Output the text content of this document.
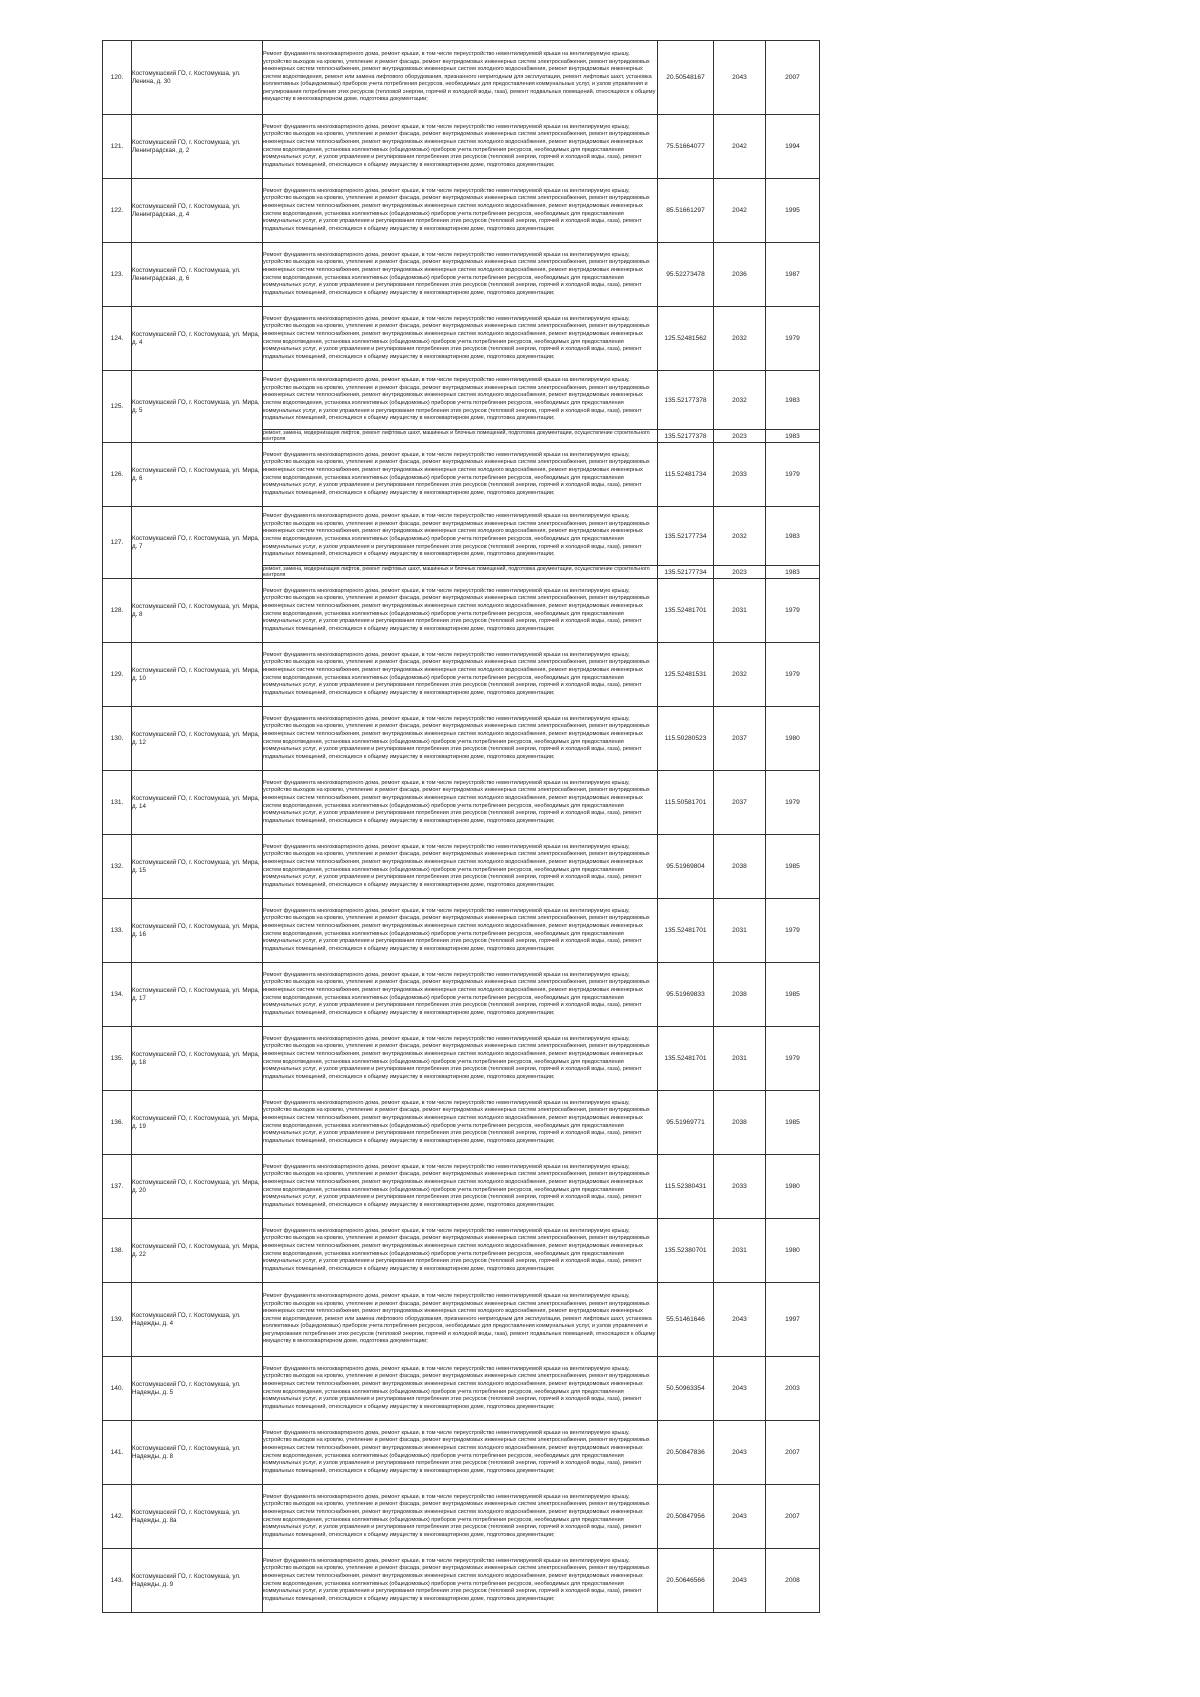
120.	Костомукшский ГО, г. Костомукша, ул. Ленина, д. 30	Ремонт фундамента многоквартирного дома, ремонт крыши, в том числе переустройство невентилируемой крыши на вентилируемую крышу, устройство выходов на кровлю, утепление и ремонт фасада, ремонт внутридомовых инженерных систем электроснабжения, ремонт внутридомовых инженерных систем теплоснабжения, ремонт внутридомовых инженерных систем холодного водоснабжения, ремонт внутридомовых инженерных систем водоотведения, ремонт или замена лифтового оборудования, признанного непригодным для эксплуатации, ремонт лифтовых шахт, установка коллективных (общедомовых) приборов учета потребления ресурсов, необходимых для предоставления коммунальных услуг, и узлов управления и регулирования потребления этих ресурсов (тепловой энергии, горячей и холодной воды, газа), ремонт подвальных помещений, относящихся к общему имуществу в многоквартирном доме, подготовка документации;	20.50548167	2043	2007
121.	Костомукшский ГО, г. Костомукша, ул. Ленинградская, д. 2	Ремонт фундамента многоквартирного дома, ремонт крыши, в том числе переустройство невентилируемой крыши на вентилируемую крышу, устройство выходов на кровлю, утепление и ремонт фасада, ремонт внутридомовых инженерных систем электроснабжения, ремонт внутридомовых инженерных систем теплоснабжения, ремонт внутридомовых инженерных систем холодного водоснабжения, ремонт внутридомовых инженерных систем водоотведения, установка коллективных (общедомовых) приборов учета потребления ресурсов, необходимых для предоставления коммунальных услуг, и узлов управления и регулирования потребления этих ресурсов (тепловой энергии, горячей и холодной воды, газа), ремонт подвальных помещений, относящихся к общему имуществу в многоквартирном доме, подготовка документации;	75.51664077	2042	1994
122.	Костомукшский ГО, г. Костомукша, ул. Ленинградская, д. 4	Ремонт фундамента многоквартирного дома, ремонт крыши, в том числе переустройство невентилируемой крыши на вентилируемую крышу, устройство выходов на кровлю, утепление и ремонт фасада, ремонт внутридомовых инженерных систем электроснабжения, ремонт внутридомовых инженерных систем теплоснабжения, ремонт внутридомовых инженерных систем холодного водоснабжения, ремонт внутридомовых инженерных систем водоотведения, установка коллективных (общедомовых) приборов учета потребления ресурсов, необходимых для предоставления коммунальных услуг, и узлов управления и регулирования потребления этих ресурсов (тепловой энергии, горячей и холодной воды, газа), ремонт подвальных помещений, относящихся к общему имуществу в многоквартирном доме, подготовка документации;	85.51661297	2042	1995
123.	Костомукшский ГО, г. Костомукша, ул. Ленинградская, д. 6	Ремонт фундамента многоквартирного дома, ремонт крыши, в том числе переустройство невентилируемой крыши на вентилируемую крышу, устройство выходов на кровлю, утепление и ремонт фасада, ремонт внутридомовых инженерных систем электроснабжения, ремонт внутридомовых инженерных систем теплоснабжения, ремонт внутридомовых инженерных систем холодного водоснабжения, ремонт внутридомовых инженерных систем водоотведения, установка коллективных (общедомовых) приборов учета потребления ресурсов, необходимых для предоставления коммунальных услуг, и узлов управления и регулирования потребления этих ресурсов (тепловой энергии, горячей и холодной воды, газа), ремонт подвальных помещений, относящихся к общему имуществу в многоквартирном доме, подготовка документации;	95.52273478	2036	1987
124.	Костомукшский ГО, г. Костомукша, ул. Мира, д. 4	Ремонт фундамента многоквартирного дома, ремонт крыши, в том числе переустройство невентилируемой крыши на вентилируемую крышу, устройство выходов на кровлю, утепление и ремонт фасада, ремонт внутридомовых инженерных систем электроснабжения, ремонт внутридомовых инженерных систем теплоснабжения, ремонт внутридомовых инженерных систем холодного водоснабжения, ремонт внутридомовых инженерных систем водоотведения, установка коллективных (общедомовых) приборов учета потребления ресурсов, необходимых для предоставления коммунальных услуг, и узлов управления и регулирования потребления этих ресурсов (тепловой энергии, горячей и холодной воды, газа), ремонт подвальных помещений, относящихся к общему имуществу в многоквартирном доме, подготовка документации;	125.52481562	2032	1979
125.	Костомукшский ГО, г. Костомукша, ул. Мира, д. 5	Ремонт фундамента многоквартирного дома, ремонт крыши, в том числе переустройство невентилируемой крыши на вентилируемую крышу, устройство выходов на кровлю, утепление и ремонт фасада, ремонт внутридомовых инженерных систем электроснабжения, ремонт внутридомовых инженерных систем теплоснабжения, ремонт внутридомовых инженерных систем холодного водоснабжения, ремонт внутридомовых инженерных систем водоотведения, установка коллективных (общедомовых) приборов учета потребления ресурсов, необходимых для предоставления коммунальных услуг, и узлов управления и регулирования потребления этих ресурсов (тепловой энергии, горячей и холодной воды, газа), ремонт подвальных помещений, относящихся к общему имуществу в многоквартирном доме, подготовка документации;	135.52177378	2032	1983
		ремонт, замена, модернизация лифтов, ремонт лифтовых шахт, машинных и блочных помещений, подготовка документации, осуществление строительного контроля	135.52177378	2023	1983
126.	Костомукшский ГО, г. Костомукша, ул. Мира, д. 6	Ремонт фундамента многоквартирного дома, ремонт крыши, в том числе переустройство невентилируемой крыши на вентилируемую крышу, устройство выходов на кровлю, утепление и ремонт фасада, ремонт внутридомовых инженерных систем электроснабжения, ремонт внутридомовых инженерных систем теплоснабжения, ремонт внутридомовых инженерных систем холодного водоснабжения, ремонт внутридомовых инженерных систем водоотведения, установка коллективных (общедомовых) приборов учета потребления ресурсов, необходимых для предоставления коммунальных услуг, и узлов управления и регулирования потребления этих ресурсов (тепловой энергии, горячей и холодной воды, газа), ремонт подвальных помещений, относящихся к общему имуществу в многоквартирном доме, подготовка документации;	115.52481734	2033	1979
127.	Костомукшский ГО, г. Костомукша, ул. Мира, д. 7	Ремонт фундамента многоквартирного дома, ремонт крыши, в том числе переустройство невентилируемой крыши на вентилируемую крышу, устройство выходов на кровлю, утепление и ремонт фасада, ремонт внутридомовых инженерных систем электроснабжения, ремонт внутридомовых инженерных систем теплоснабжения, ремонт внутридомовых инженерных систем холодного водоснабжения, ремонт внутридомовых инженерных систем водоотведения, установка коллективных (общедомовых) приборов учета потребления ресурсов, необходимых для предоставления коммунальных услуг, и узлов управления и регулирования потребления этих ресурсов (тепловой энергии, горячей и холодной воды, газа), ремонт подвальных помещений, относящихся к общему имуществу в многоквартирном доме, подготовка документации;	135.52177734	2032	1983
		ремонт, замена, модернизация лифтов, ремонт лифтовых шахт, машинных и блочных помещений, подготовка документации, осуществление строительного контроля	135.52177734	2023	1983
128.	Костомукшский ГО, г. Костомукша, ул. Мира, д. 8	Ремонт фундамента многоквартирного дома, ремонт крыши, в том числе переустройство невентилируемой крыши на вентилируемую крышу, устройство выходов на кровлю, утепление и ремонт фасада, ремонт внутридомовых инженерных систем электроснабжения, ремонт внутридомовых инженерных систем теплоснабжения, ремонт внутридомовых инженерных систем холодного водоснабжения, ремонт внутридомовых инженерных систем водоотведения, установка коллективных (общедомовых) приборов учета потребления ресурсов, необходимых для предоставления коммунальных услуг, и узлов управления и регулирования потребления этих ресурсов (тепловой энергии, горячей и холодной воды, газа), ремонт подвальных помещений, относящихся к общему имуществу в многоквартирном доме, подготовка документации;	135.52481701	2031	1979
129.	Костомукшский ГО, г. Костомукша, ул. Мира, д. 10	Ремонт фундамента многоквартирного дома, ремонт крыши, в том числе переустройство невентилируемой крыши на вентилируемую крышу, устройство выходов на кровлю, утепление и ремонт фасада, ремонт внутридомовых инженерных систем электроснабжения, ремонт внутридомовых инженерных систем теплоснабжения, ремонт внутридомовых инженерных систем холодного водоснабжения, ремонт внутридомовых инженерных систем водоотведения, установка коллективных (общедомовых) приборов учета потребления ресурсов, необходимых для предоставления коммунальных услуг, и узлов управления и регулирования потребления этих ресурсов (тепловой энергии, горячей и холодной воды, газа), ремонт подвальных помещений, относящихся к общему имуществу в многоквартирном доме, подготовка документации;	125.52481531	2032	1979
130.	Костомукшский ГО, г. Костомукша, ул. Мира, д. 12	Ремонт фундамента многоквартирного дома, ремонт крыши, в том числе переустройство невентилируемой крыши на вентилируемую крышу, устройство выходов на кровлю, утепление и ремонт фасада, ремонт внутридомовых инженерных систем электроснабжения, ремонт внутридомовых инженерных систем теплоснабжения, ремонт внутридомовых инженерных систем холодного водоснабжения, ремонт внутридомовых инженерных систем водоотведения, установка коллективных (общедомовых) приборов учета потребления ресурсов, необходимых для предоставления коммунальных услуг, и узлов управления и регулирования потребления этих ресурсов (тепловой энергии, горячей и холодной воды, газа), ремонт подвальных помещений, относящихся к общему имуществу в многоквартирном доме, подготовка документации;	115.50280523	2037	1980
131.	Костомукшский ГО, г. Костомукша, ул. Мира, д. 14	Ремонт фундамента многоквартирного дома, ремонт крыши, в том числе переустройство невентилируемой крыши на вентилируемую крышу, устройство выходов на кровлю, утепление и ремонт фасада, ремонт внутридомовых инженерных систем электроснабжения, ремонт внутридомовых инженерных систем теплоснабжения, ремонт внутридомовых инженерных систем холодного водоснабжения, ремонт внутридомовых инженерных систем водоотведения, установка коллективных (общедомовых) приборов учета потребления ресурсов, необходимых для предоставления коммунальных услуг, и узлов управления и регулирования потребления этих ресурсов (тепловой энергии, горячей и холодной воды, газа), ремонт подвальных помещений, относящихся к общему имуществу в многоквартирном доме, подготовка документации;	115.50581701	2037	1979
132.	Костомукшский ГО, г. Костомукша, ул. Мира, д. 15	Ремонт фундамента многоквартирного дома, ремонт крыши, в том числе переустройство невентилируемой крыши на вентилируемую крышу, устройство выходов на кровлю, утепление и ремонт фасада, ремонт внутридомовых инженерных систем электроснабжения, ремонт внутридомовых инженерных систем теплоснабжения, ремонт внутридомовых инженерных систем холодного водоснабжения, ремонт внутридомовых инженерных систем водоотведения, установка коллективных (общедомовых) приборов учета потребления ресурсов, необходимых для предоставления коммунальных услуг, и узлов управления и регулирования потребления этих ресурсов (тепловой энергии, горячей и холодной воды, газа), ремонт подвальных помещений, относящихся к общему имуществу в многоквартирном доме, подготовка документации;	95.51969804	2038	1985
133.	Костомукшский ГО, г. Костомукша, ул. Мира, д. 16	Ремонт фундамента многоквартирного дома, ремонт крыши, в том числе переустройство невентилируемой крыши на вентилируемую крышу, устройство выходов на кровлю, утепление и ремонт фасада, ремонт внутридомовых инженерных систем электроснабжения, ремонт внутридомовых инженерных систем теплоснабжения, ремонт внутридомовых инженерных систем холодного водоснабжения, ремонт внутридомовых инженерных систем водоотведения, установка коллективных (общедомовых) приборов учета потребления ресурсов, необходимых для предоставления коммунальных услуг, и узлов управления и регулирования потребления этих ресурсов (тепловой энергии, горячей и холодной воды, газа), ремонт подвальных помещений, относящихся к общему имуществу в многоквартирном доме, подготовка документации;	135.52481701	2031	1979
134.	Костомукшский ГО, г. Костомукша, ул. Мира, д. 17	Ремонт фундамента многоквартирного дома, ремонт крыши, в том числе переустройство невентилируемой крыши на вентилируемую крышу, устройство выходов на кровлю, утепление и ремонт фасада, ремонт внутридомовых инженерных систем электроснабжения, ремонт внутридомовых инженерных систем теплоснабжения, ремонт внутридомовых инженерных систем холодного водоснабжения, ремонт внутридомовых инженерных систем водоотведения, установка коллективных (общедомовых) приборов учета потребления ресурсов, необходимых для предоставления коммунальных услуг, и узлов управления и регулирования потребления этих ресурсов (тепловой энергии, горячей и холодной воды, газа), ремонт подвальных помещений, относящихся к общему имуществу в многоквартирном доме, подготовка документации;	95.51969833	2038	1985
135.	Костомукшский ГО, г. Костомукша, ул. Мира, д. 18	Ремонт фундамента многоквартирного дома, ремонт крыши, в том числе переустройство невентилируемой крыши на вентилируемую крышу, устройство выходов на кровлю, утепление и ремонт фасада, ремонт внутридомовых инженерных систем электроснабжения, ремонт внутридомовых инженерных систем теплоснабжения, ремонт внутридомовых инженерных систем холодного водоснабжения, ремонт внутридомовых инженерных систем водоотведения, установка коллективных (общедомовых) приборов учета потребления ресурсов, необходимых для предоставления коммунальных услуг, и узлов управления и регулирования потребления этих ресурсов (тепловой энергии, горячей и холодной воды, газа), ремонт подвальных помещений, относящихся к общему имуществу в многоквартирном доме, подготовка документации;	135.52481701	2031	1979
136.	Костомукшский ГО, г. Костомукша, ул. Мира, д. 19	Ремонт фундамента многоквартирного дома, ремонт крыши, в том числе переустройство невентилируемой крыши на вентилируемую крышу, устройство выходов на кровлю, утепление и ремонт фасада, ремонт внутридомовых инженерных систем электроснабжения, ремонт внутридомовых инженерных систем теплоснабжения, ремонт внутридомовых инженерных систем холодного водоснабжения, ремонт внутридомовых инженерных систем водоотведения, установка коллективных (общедомовых) приборов учета потребления ресурсов, необходимых для предоставления коммунальных услуг, и узлов управления и регулирования потребления этих ресурсов (тепловой энергии, горячей и холодной воды, газа), ремонт подвальных помещений, относящихся к общему имуществу в многоквартирном доме, подготовка документации;	95.51969771	2038	1985
137.	Костомукшский ГО, г. Костомукша, ул. Мира, д. 20	Ремонт фундамента многоквартирного дома, ремонт крыши, в том числе переустройство невентилируемой крыши на вентилируемую крышу, устройство выходов на кровлю, утепление и ремонт фасада, ремонт внутридомовых инженерных систем электроснабжения, ремонт внутридомовых инженерных систем теплоснабжения, ремонт внутридомовых инженерных систем холодного водоснабжения, ремонт внутридомовых инженерных систем водоотведения, установка коллективных (общедомовых) приборов учета потребления ресурсов, необходимых для предоставления коммунальных услуг, и узлов управления и регулирования потребления этих ресурсов (тепловой энергии, горячей и холодной воды, газа), ремонт подвальных помещений, относящихся к общему имуществу в многоквартирном доме, подготовка документации;	115.52380431	2033	1980
138.	Костомукшский ГО, г. Костомукша, ул. Мира, д. 22	Ремонт фундамента многоквартирного дома, ремонт крыши, в том числе переустройство невентилируемой крыши на вентилируемую крышу, устройство выходов на кровлю, утепление и ремонт фасада, ремонт внутридомовых инженерных систем электроснабжения, ремонт внутридомовых инженерных систем теплоснабжения, ремонт внутридомовых инженерных систем холодного водоснабжения, ремонт внутридомовых инженерных систем водоотведения, установка коллективных (общедомовых) приборов учета потребления ресурсов, необходимых для предоставления коммунальных услуг, и узлов управления и регулирования потребления этих ресурсов (тепловой энергии, горячей и холодной воды, газа), ремонт подвальных помещений, относящихся к общему имуществу в многоквартирном доме, подготовка документации;	135.52380701	2031	1980
139.	Костомукшский ГО, г. Костомукша, ул. Надежды, д. 4	Ремонт фундамента многоквартирного дома, ремонт крыши, в том числе переустройство невентилируемой крыши на вентилируемую крышу, устройство выходов на кровлю, утепление и ремонт фасада, ремонт внутридомовых инженерных систем электроснабжения, ремонт внутридомовых инженерных систем теплоснабжения, ремонт внутридомовых инженерных систем холодного водоснабжения, ремонт внутридомовых инженерных систем водоотведения, ремонт или замена лифтового оборудования, признанного непригодным для эксплуатации, ремонт лифтовых шахт, установка коллективных (общедомовых) приборов учета потребления ресурсов, необходимых для предоставления коммунальных услуг, и узлов управления и регулирования потребления этих ресурсов (тепловой энергии, горячей и холодной воды, газа), ремонт подвальных помещений, относящихся к общему имуществу в многоквартирном доме, подготовка документации;	55.51461646	2043	1997
140.	Костомукшский ГО, г. Костомукша, ул. Надежды, д. 5	Ремонт фундамента многоквартирного дома, ремонт крыши, в том числе переустройство невентилируемой крыши на вентилируемую крышу, устройство выходов на кровлю, утепление и ремонт фасада, ремонт внутридомовых инженерных систем электроснабжения, ремонт внутридомовых инженерных систем теплоснабжения, ремонт внутридомовых инженерных систем холодного водоснабжения, ремонт внутридомовых инженерных систем водоотведения, установка коллективных (общедомовых) приборов учета потребления ресурсов, необходимых для предоставления коммунальных услуг, и узлов управления и регулирования потребления этих ресурсов (тепловой энергии, горячей и холодной воды, газа), ремонт подвальных помещений, относящихся к общему имуществу в многоквартирном доме, подготовка документации;	50.50963354	2043	2003
141.	Костомукшский ГО, г. Костомукша, ул. Надежды, д. 8	Ремонт фундамента многоквартирного дома, ремонт крыши, в том числе переустройство невентилируемой крыши на вентилируемую крышу, устройство выходов на кровлю, утепление и ремонт фасада, ремонт внутридомовых инженерных систем электроснабжения, ремонт внутридомовых инженерных систем теплоснабжения, ремонт внутридомовых инженерных систем холодного водоснабжения, ремонт внутридомовых инженерных систем водоотведения, установка коллективных (общедомовых) приборов учета потребления ресурсов, необходимых для предоставления коммунальных услуг, и узлов управления и регулирования потребления этих ресурсов (тепловой энергии, горячей и холодной воды, газа), ремонт подвальных помещений, относящихся к общему имуществу в многоквартирном доме, подготовка документации;	20.50847836	2043	2007
142.	Костомукшский ГО, г. Костомукша, ул. Надежды, д. 8а	Ремонт фундамента многоквартирного дома, ремонт крыши, в том числе переустройство невентилируемой крыши на вентилируемую крышу, устройство выходов на кровлю, утепление и ремонт фасада, ремонт внутридомовых инженерных систем электроснабжения, ремонт внутридомовых инженерных систем теплоснабжения, ремонт внутридомовых инженерных систем холодного водоснабжения, ремонт внутридомовых инженерных систем водоотведения, установка коллективных (общедомовых) приборов учета потребления ресурсов, необходимых для предоставления коммунальных услуг, и узлов управления и регулирования потребления этих ресурсов (тепловой энергии, горячей и холодной воды, газа), ремонт подвальных помещений, относящихся к общему имуществу в многоквартирном доме, подготовка документации;	20.50847956	2043	2007
143.	Костомукшский ГО, г. Костомукша, ул. Надежды, д. 9	Ремонт фундамента многоквартирного дома, ремонт крыши, в том числе переустройство невентилируемой крыши на вентилируемую крышу, устройство выходов на кровлю, утепление и ремонт фасада, ремонт внутридомовых инженерных систем электроснабжения, ремонт внутридомовых инженерных систем теплоснабжения, ремонт внутридомовых инженерных систем холодного водоснабжения, ремонт внутридомовых инженерных систем водоотведения, установка коллективных (общедомовых) приборов учета потребления ресурсов, необходимых для предоставления коммунальных услуг, и узлов управления и регулирования потребления этих ресурсов (тепловой энергии, горячей и холодной воды, газа), ремонт подвальных помещений, относящихся к общему имуществу в многоквартирном доме, подготовка документации;	20.50646566	2043	2008
